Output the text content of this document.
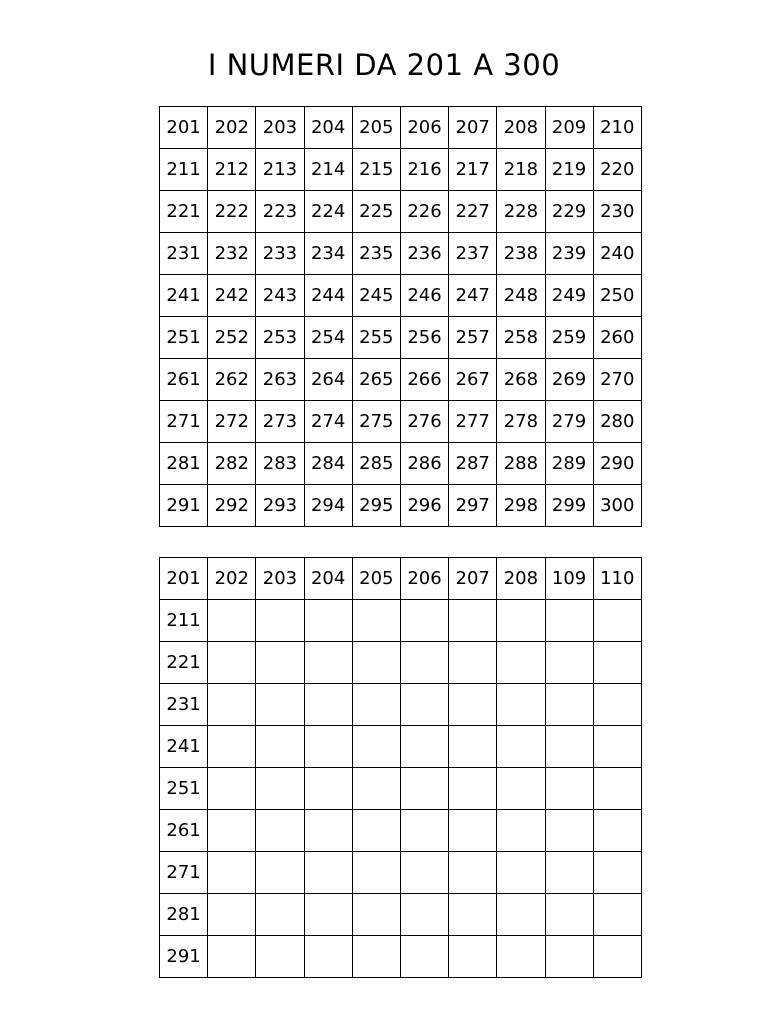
I NUMERI DA 201 A 300
201	202	203	204	205	206	207	208	209	210
211	212	213	214	215	216	217	218	219	220
221	222	223	224	225	226	227	228	229	230
231	232	233	234	235	236	237	238	239	240
241	242	243	244	245	246	247	248	249	250
251	252	253	254	255	256	257	258	259	260
261	262	263	264	265	266	267	268	269	270
271	272	273	274	275	276	277	278	279	280
281	282	283	284	285	286	287	288	289	290
291	292	293	294	295	296	297	298	299	300
201	202	203	204	205	206	207	208	109	110
211									
221									
231									
241									
251									
261									
271									
281									
291									
